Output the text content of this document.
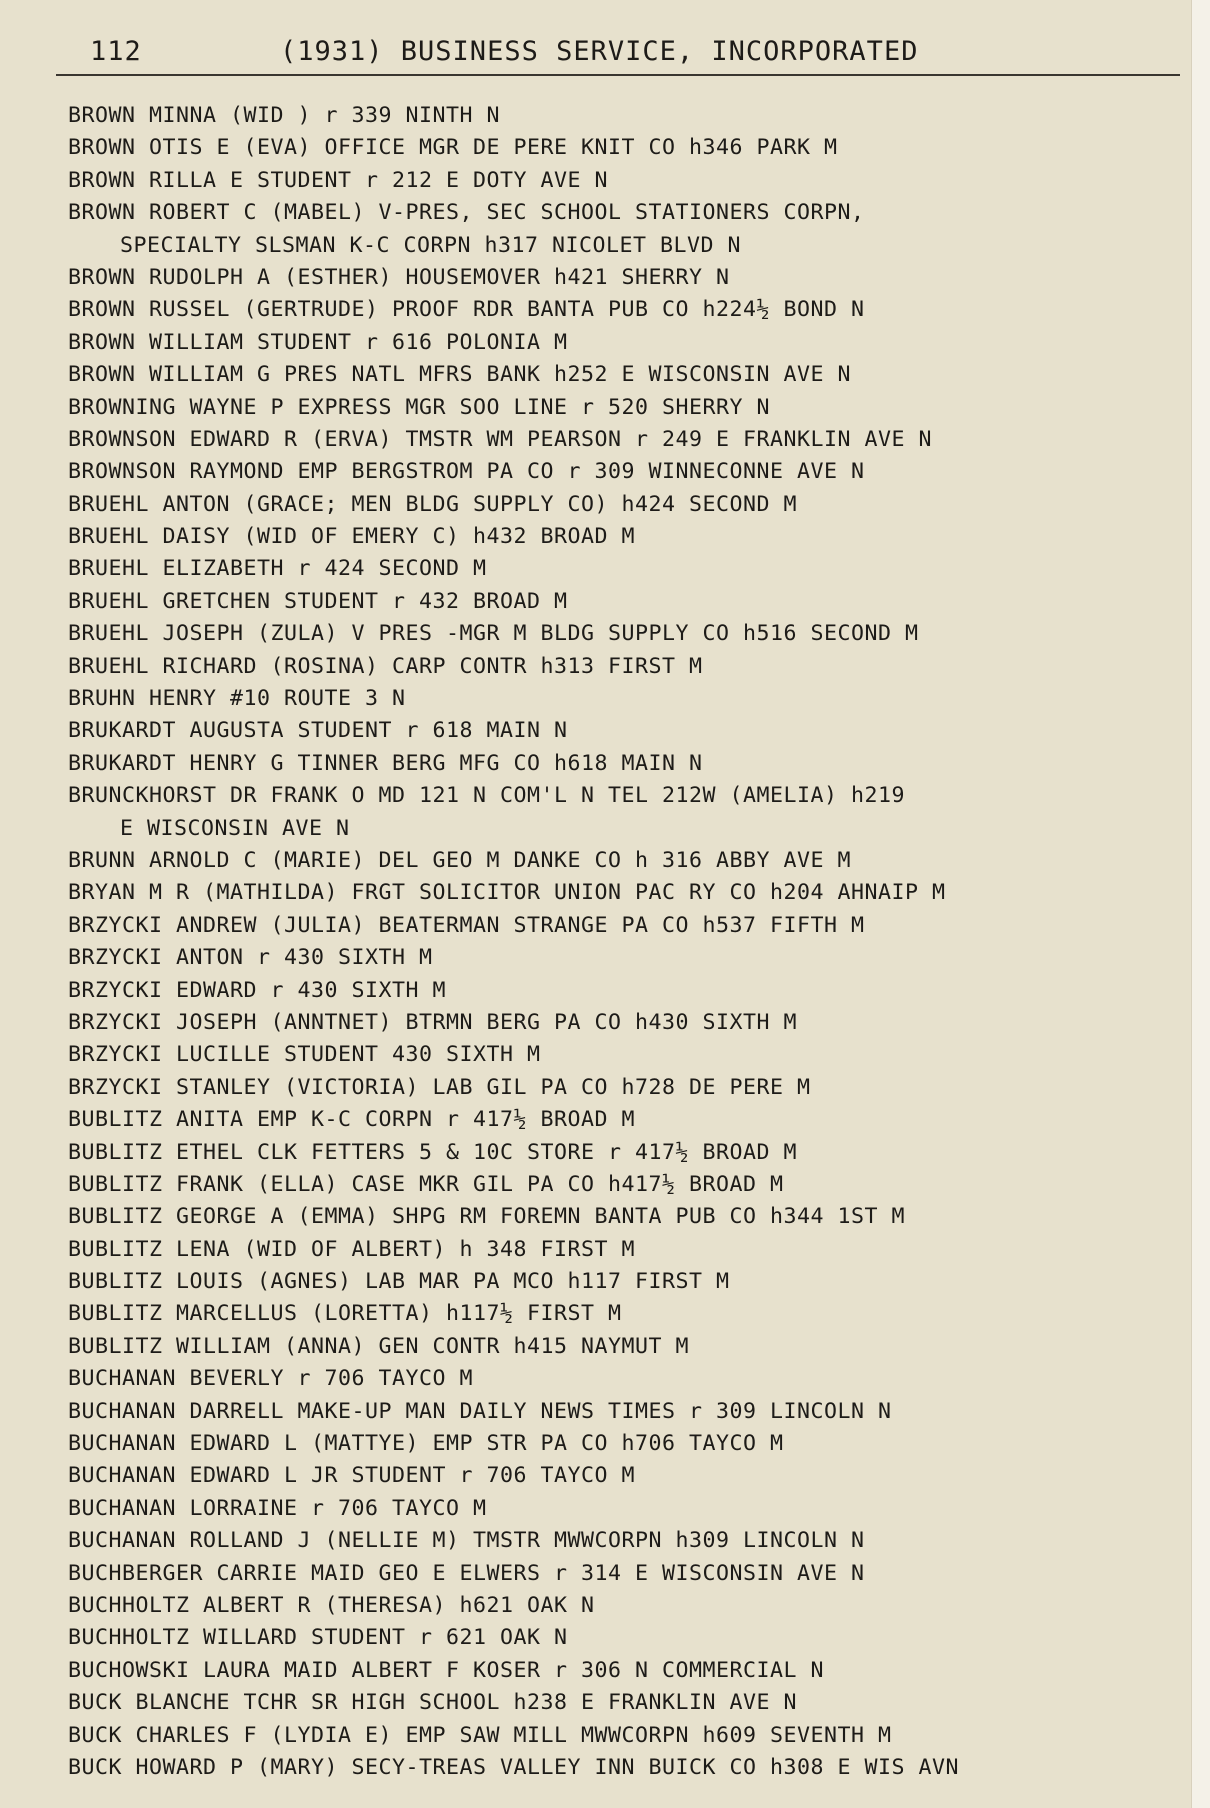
112	(1931) BUSINESS SERVICE, INCORPORATED
BROWN MINNA (WID ) r 339 NINTH N
BROWN OTIS E (EVA) OFFICE MGR DE PERE KNIT CO h346 PARK M
BROWN RILLA E STUDENT r 212 E DOTY AVE N
BROWN ROBERT C (MABEL) V-PRES, SEC SCHOOL STATIONERS CORPN,
SPECIALTY SLSMAN K-C CORPN h317 NICOLET BLVD N
BROWN RUDOLPH A (ESTHER) HOUSEMOVER h421 SHERRY N
BROWN RUSSEL (GERTRUDE) PROOF RDR BANTA PUB CO h224½ BOND N
BROWN WILLIAM STUDENT r 616 POLONIA M
BROWN WILLIAM G PRES NATL MFRS BANK h252 E WISCONSIN AVE N
BROWNING WAYNE P EXPRESS MGR SOO LINE r 520 SHERRY N
BROWNSON EDWARD R (ERVA) TMSTR WM PEARSON r 249 E FRANKLIN AVE N
BROWNSON RAYMOND EMP BERGSTROM PA CO r 309 WINNECONNE AVE N
BRUEHL ANTON (GRACE; MEN BLDG SUPPLY CO) h424 SECOND M
BRUEHL DAISY (WID OF EMERY C) h432 BROAD M
BRUEHL ELIZABETH r 424 SECOND M
BRUEHL GRETCHEN STUDENT r 432 BROAD M
BRUEHL JOSEPH (ZULA) V PRES -MGR M BLDG SUPPLY CO h516 SECOND M
BRUEHL RICHARD (ROSINA) CARP CONTR h313 FIRST M
BRUHN HENRY #10 ROUTE 3 N
BRUKARDT AUGUSTA STUDENT r 618 MAIN N
BRUKARDT HENRY G TINNER BERG MFG CO h618 MAIN N
BRUNCKHORST DR FRANK O MD 121 N COM'L N TEL 212W (AMELIA) h219
E WISCONSIN AVE N
BRUNN ARNOLD C (MARIE) DEL GEO M DANKE CO h 316 ABBY AVE M
BRYAN M R (MATHILDA) FRGT SOLICITOR UNION PAC RY CO h204 AHNAIP M
BRZYCKI ANDREW (JULIA) BEATERMAN STRANGE PA CO h537 FIFTH M
BRZYCKI ANTON r 430 SIXTH M
BRZYCKI EDWARD r 430 SIXTH M
BRZYCKI JOSEPH (ANNTNET) BTRMN BERG PA CO h430 SIXTH M
BRZYCKI LUCILLE STUDENT 430 SIXTH M
BRZYCKI STANLEY (VICTORIA) LAB GIL PA CO h728 DE PERE M
BUBLITZ ANITA EMP K-C CORPN r 417½ BROAD M
BUBLITZ ETHEL CLK FETTERS 5 & 10C STORE r 417½ BROAD M
BUBLITZ FRANK (ELLA) CASE MKR GIL PA CO h417½ BROAD M
BUBLITZ GEORGE A (EMMA) SHPG RM FOREMN BANTA PUB CO h344 1ST M
BUBLITZ LENA (WID OF ALBERT) h 348 FIRST M
BUBLITZ LOUIS (AGNES) LAB MAR PA MCO h117 FIRST M
BUBLITZ MARCELLUS (LORETTA) h117½ FIRST M
BUBLITZ WILLIAM (ANNA) GEN CONTR h415 NAYMUT M
BUCHANAN BEVERLY r 706 TAYCO M
BUCHANAN DARRELL MAKE-UP MAN DAILY NEWS TIMES r 309 LINCOLN N
BUCHANAN EDWARD L (MATTYE) EMP STR PA CO h706 TAYCO M
BUCHANAN EDWARD L JR STUDENT r 706 TAYCO M
BUCHANAN LORRAINE r 706 TAYCO M
BUCHANAN ROLLAND J (NELLIE M) TMSTR MWWCORPN h309 LINCOLN N
BUCHBERGER CARRIE MAID GEO E ELWERS r 314 E WISCONSIN AVE N
BUCHHOLTZ ALBERT R (THERESA) h621 OAK N
BUCHHOLTZ WILLARD STUDENT r 621 OAK N
BUCHOWSKI LAURA MAID ALBERT F KOSER r 306 N COMMERCIAL N
BUCK BLANCHE TCHR SR HIGH SCHOOL h238 E FRANKLIN AVE N
BUCK CHARLES F (LYDIA E) EMP SAW MILL MWWCORPN h609 SEVENTH M
BUCK HOWARD P (MARY) SECY-TREAS VALLEY INN BUICK CO h308 E WIS AVN
